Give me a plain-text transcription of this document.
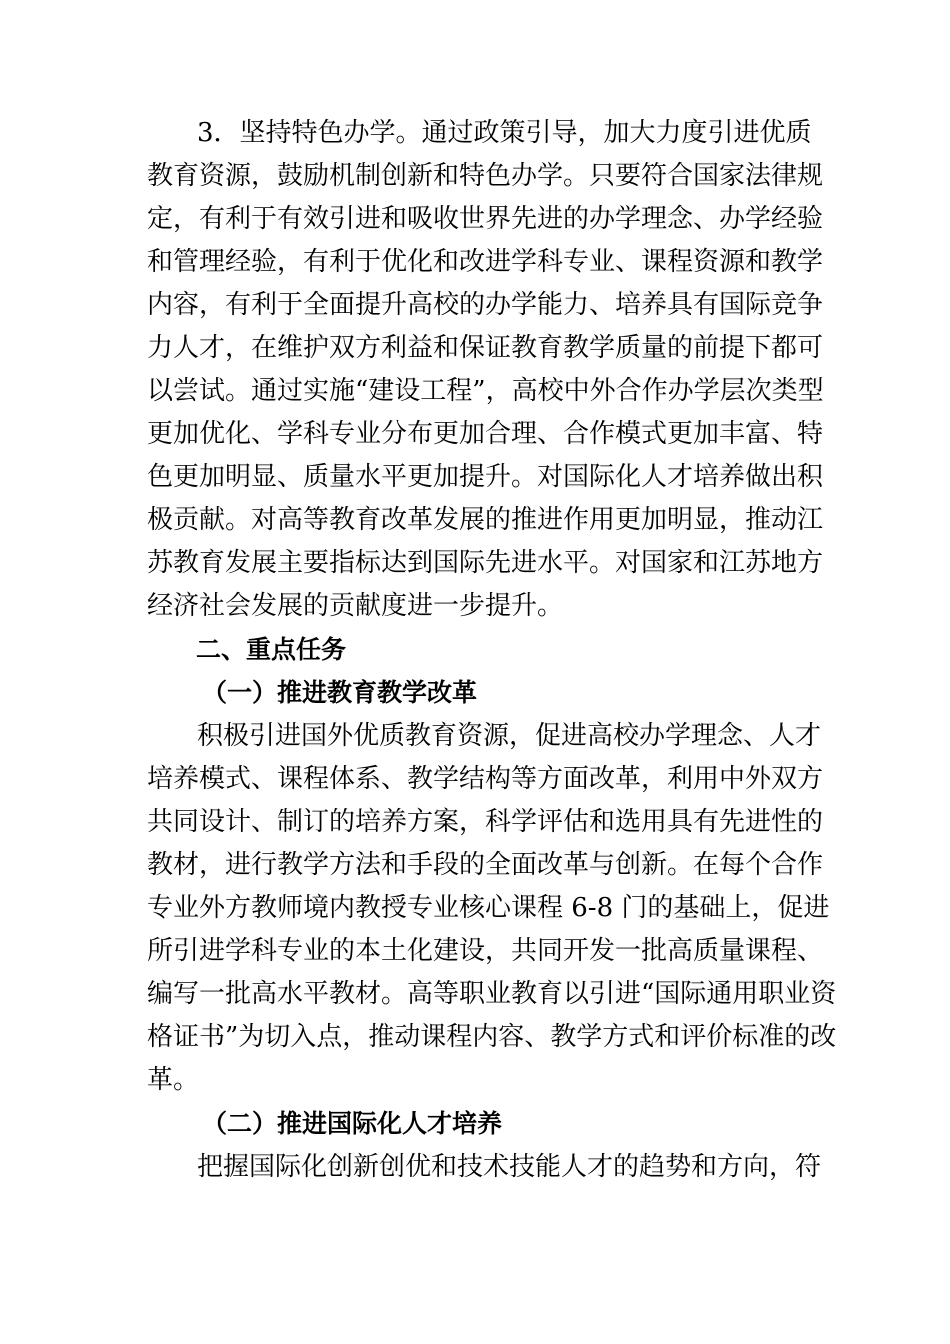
3．坚持特色办学。通过政策引导，加大力度引进优质
教育资源，鼓励机制创新和特色办学。只要符合国家法律规
定，有利于有效引进和吸收世界先进的办学理念、办学经验
和管理经验，有利于优化和改进学科专业、课程资源和教学
内容，有利于全面提升高校的办学能力、培养具有国际竞争
力人才，在维护双方利益和保证教育教学质量的前提下都可
以尝试。通过实施“建设工程”，高校中外合作办学层次类型
更加优化、学科专业分布更加合理、合作模式更加丰富、特
色更加明显、质量水平更加提升。对国际化人才培养做出积
极贡献。对高等教育改革发展的推进作用更加明显，推动江
苏教育发展主要指标达到国际先进水平。对国家和江苏地方
经济社会发展的贡献度进一步提升。
二、重点任务
（一）推进教育教学改革
积极引进国外优质教育资源，促进高校办学理念、人才
培养模式、课程体系、教学结构等方面改革，利用中外双方
共同设计、制订的培养方案，科学评估和选用具有先进性的
教材，进行教学方法和手段的全面改革与创新。在每个合作
专业外方教师境内教授专业核心课程 6-8 门的基础上，促进
所引进学科专业的本土化建设，共同开发一批高质量课程、
编写一批高水平教材。高等职业教育以引进“国际通用职业资
格证书”为切入点，推动课程内容、教学方式和评价标准的改
革。
（二）推进国际化人才培养
把握国际化创新创优和技术技能人才的趋势和方向，符
